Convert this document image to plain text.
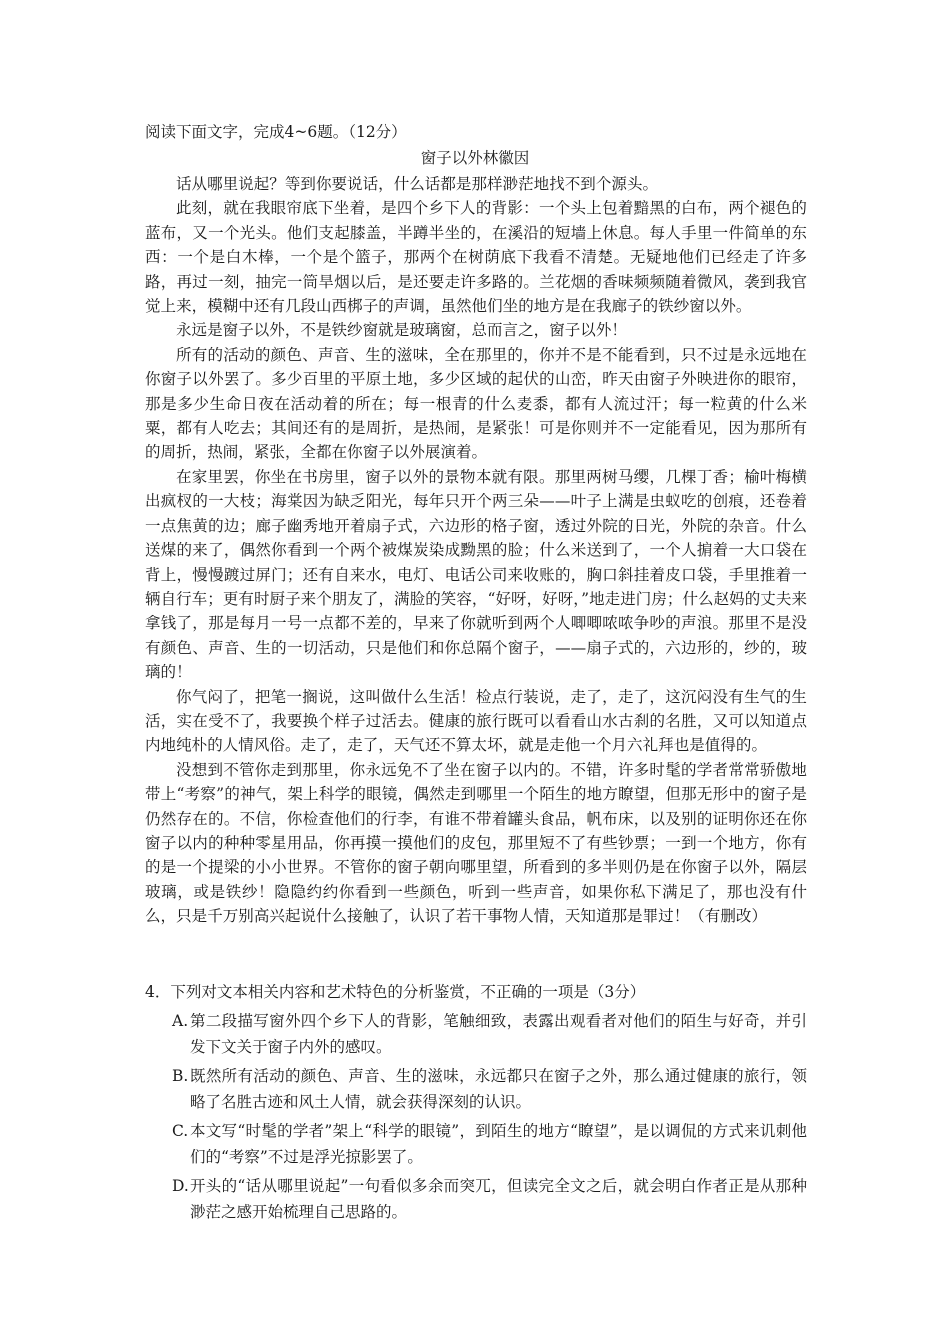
阅读下面文字，完成4~6题。（12分）
窗子以外林徽因

话从哪里说起？等到你要说话，什么话都是那样渺茫地找不到个源头。

此刻，就在我眼帘底下坐着，是四个乡下人的背影：一个头上包着黯黑的白布，两个褪色的蓝布，又一个光头。他们支起膝盖，半蹲半坐的，在溪沿的短墙上休息。每人手里一件简单的东西：一个是白木棒，一个是个篮子，那两个在树荫底下我看不清楚。无疑地他们已经走了许多路，再过一刻，抽完一筒旱烟以后，是还要走许多路的。兰花烟的香味频频随着微风，袭到我官觉上来，模糊中还有几段山西梆子的声调，虽然他们坐的地方是在我廊子的铁纱窗以外。

永远是窗子以外，不是铁纱窗就是玻璃窗，总而言之，窗子以外！

所有的活动的颜色、声音、生的滋味，全在那里的，你并不是不能看到，只不过是永远地在你窗子以外罢了。多少百里的平原土地，多少区域的起伏的山峦，昨天由窗子外映进你的眼帘，那是多少生命日夜在活动着的所在；每一根青的什么麦黍，都有人流过汗；每一粒黄的什么米粟，都有人吃去；其间还有的是周折，是热闹，是紧张！可是你则并不一定能看见，因为那所有的周折，热闹，紧张，全都在你窗子以外展演着。

在家里罢，你坐在书房里，窗子以外的景物本就有限。那里两树马缨，几棵丁香；榆叶梅横出疯杈的一大枝；海棠因为缺乏阳光，每年只开个两三朵——叶子上满是虫蚁吃的创痕，还卷着一点焦黄的边；廊子幽秀地开着扇子式，六边形的格子窗，透过外院的日光，外院的杂音。什么送煤的来了，偶然你看到一个两个被煤炭染成黝黑的脸；什么米送到了，一个人掮着一大口袋在背上，慢慢踱过屏门；还有自来水，电灯、电话公司来收账的，胸口斜挂着皮口袋，手里推着一辆自行车；更有时厨子来个朋友了，满脸的笑容，“好呀，好呀，”地走进门房；什么赵妈的丈夫来拿钱了，那是每月一号一点都不差的，早来了你就听到两个人唧唧哝哝争吵的声浪。那里不是没有颜色、声音、生的一切活动，只是他们和你总隔个窗子，——扇子式的，六边形的，纱的，玻璃的！

你气闷了，把笔一搁说，这叫做什么生活！检点行装说，走了，走了，这沉闷没有生气的生活，实在受不了，我要换个样子过活去。健康的旅行既可以看看山水古刹的名胜，又可以知道点内地纯朴的人情风俗。走了，走了，天气还不算太坏，就是走他一个月六礼拜也是值得的。

没想到不管你走到那里，你永远免不了坐在窗子以内的。不错，许多时髦的学者常常骄傲地带上“考察”的神气，架上科学的眼镜，偶然走到哪里一个陌生的地方瞭望，但那无形中的窗子是仍然存在的。不信，你检查他们的行李，有谁不带着罐头食品，帆布床，以及别的证明你还在你窗子以内的种种零星用品，你再摸一摸他们的皮包，那里短不了有些钞票；一到一个地方，你有的是一个提梁的小小世界。不管你的窗子朝向哪里望，所看到的多半则仍是在你窗子以外，隔层玻璃，或是铁纱！隐隐约约你看到一些颜色，听到一些声音，如果你私下满足了，那也没有什么，只是千万别高兴起说什么接触了，认识了若干事物人情，天知道那是罪过！（有删改）

4．下列对文本相关内容和艺术特色的分析鉴赏，不正确的一项是（3分）
A. 第二段描写窗外四个乡下人的背影，笔触细致，表露出观看者对他们的陌生与好奇，并引发下文关于窗子内外的感叹。
B. 既然所有活动的颜色、声音、生的滋味，永远都只在窗子之外，那么通过健康的旅行，领略了名胜古迹和风土人情，就会获得深刻的认识。
C. 本文写“时髦的学者”架上“科学的眼镜”，到陌生的地方“瞭望”，是以调侃的方式来讥刺他们的“考察”不过是浮光掠影罢了。
D. 开头的“话从哪里说起”一句看似多余而突兀，但读完全文之后，就会明白作者正是从那种渺茫之感开始梳理自己思路的。
